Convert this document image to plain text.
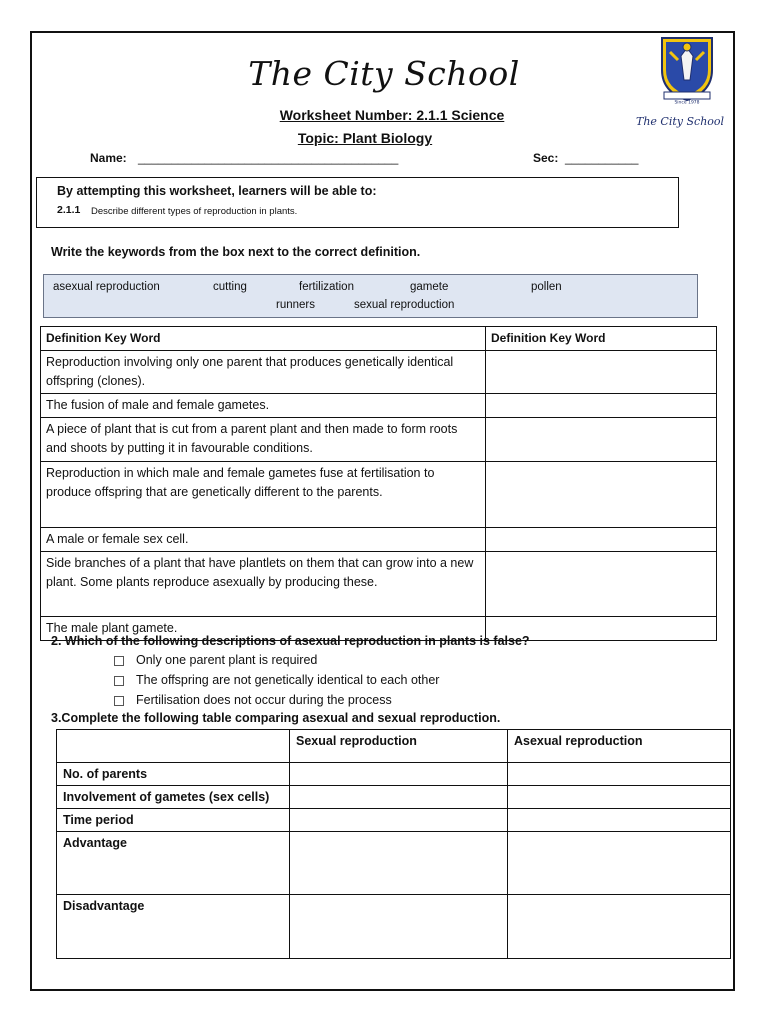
The City School
Worksheet Number: 2.1.1 Science
Topic: Plant Biology
Since 1978
The City School
Name: _______________________________________	Sec: ___________
By attempting this worksheet, learners will be able to:
2.1.1 Describe different types of reproduction in plants.
Write the keywords from the box next to the correct definition.
asexual reproduction	cutting	fertilization	gamete	pollen
runners	sexual reproduction
Definition Key Word	Definition Key Word
Reproduction involving only one parent that produces genetically identical offspring (clones).	
The fusion of male and female gametes.	
A piece of plant that is cut from a parent plant and then made to form roots and shoots by putting it in favourable conditions.	
Reproduction in which male and female gametes fuse at fertilisation to produce offspring that are genetically different to the parents.	
A male or female sex cell.	
Side branches of a plant that have plantlets on them that can grow into a new plant. Some plants reproduce asexually by producing these.	
The male plant gamete.	
2. Which of the following descriptions of asexual reproduction in plants is false?
Only one parent plant is required
The offspring are not genetically identical to each other
Fertilisation does not occur during the process
3.Complete the following table comparing asexual and sexual reproduction.
	Sexual reproduction	Asexual reproduction
No. of parents		
Involvement of gametes (sex cells)		
Time period		
Advantage		
Disadvantage		
